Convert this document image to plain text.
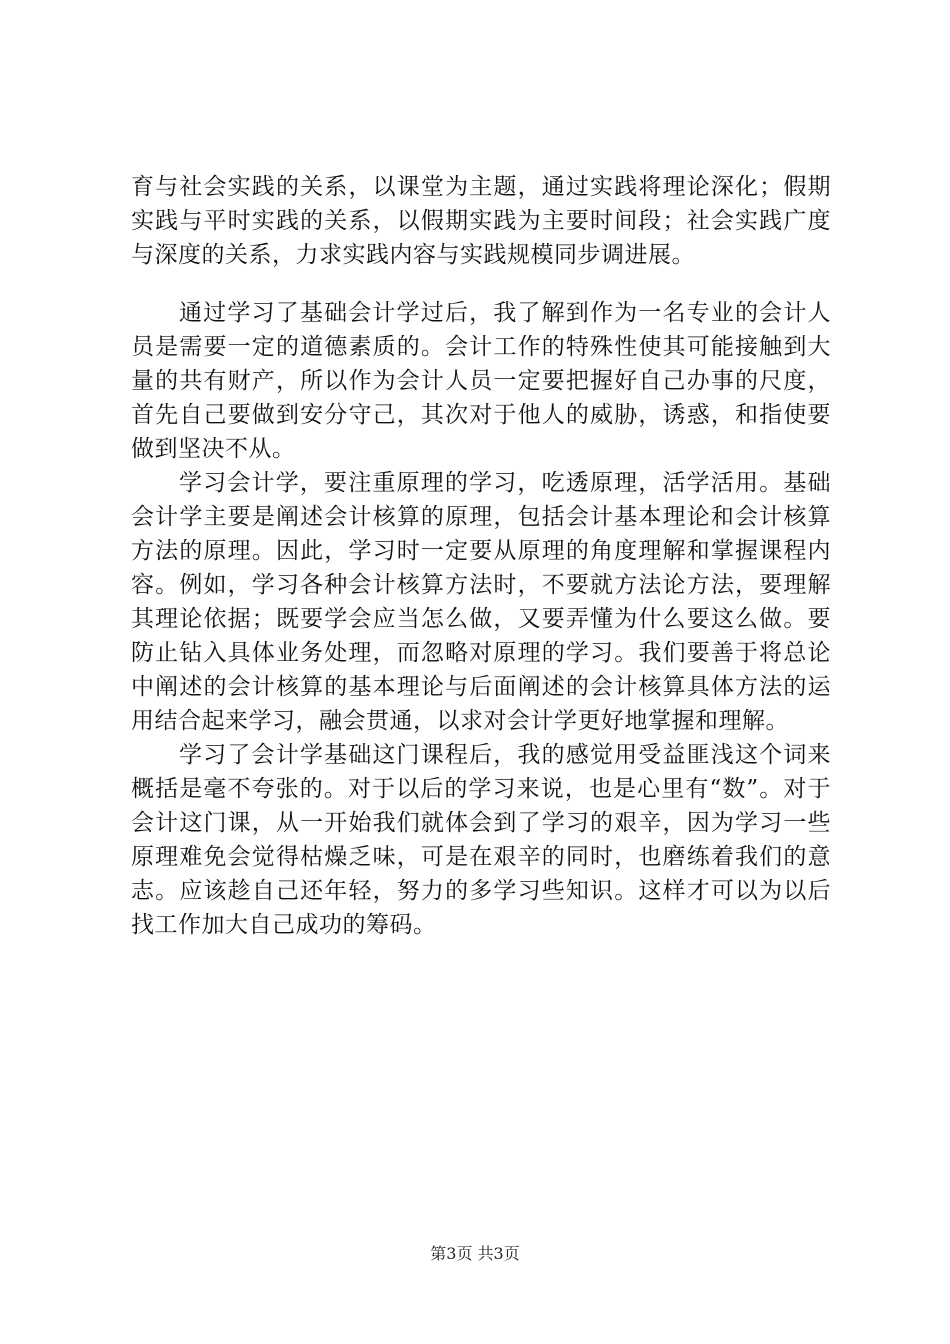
育与社会实践的关系，以课堂为主题，通过实践将理论深化；假期实践与平时实践的关系，以假期实践为主要时间段；社会实践广度与深度的关系，力求实践内容与实践规模同步调进展。

通过学习了基础会计学过后，我了解到作为一名专业的会计人员是需要一定的道德素质的。会计工作的特殊性使其可能接触到大量的共有财产，所以作为会计人员一定要把握好自己办事的尺度，首先自己要做到安分守己，其次对于他人的威胁，诱惑，和指使要做到坚决不从。

学习会计学，要注重原理的学习，吃透原理，活学活用。基础会计学主要是阐述会计核算的原理，包括会计基本理论和会计核算方法的原理。因此，学习时一定要从原理的角度理解和掌握课程内容。例如，学习各种会计核算方法时，不要就方法论方法，要理解其理论依据；既要学会应当怎么做，又要弄懂为什么要这么做。要防止钻入具体业务处理，而忽略对原理的学习。我们要善于将总论中阐述的会计核算的基本理论与后面阐述的会计核算具体方法的运用结合起来学习，融会贯通，以求对会计学更好地掌握和理解。

学习了会计学基础这门课程后，我的感觉用受益匪浅这个词来概括是毫不夸张的。对于以后的学习来说，也是心里有“数”。对于会计这门课，从一开始我们就体会到了学习的艰辛，因为学习一些原理难免会觉得枯燥乏味，可是在艰辛的同时，也磨练着我们的意志。应该趁自己还年轻，努力的多学习些知识。这样才可以为以后找工作加大自己成功的筹码。

第3页 共3页
